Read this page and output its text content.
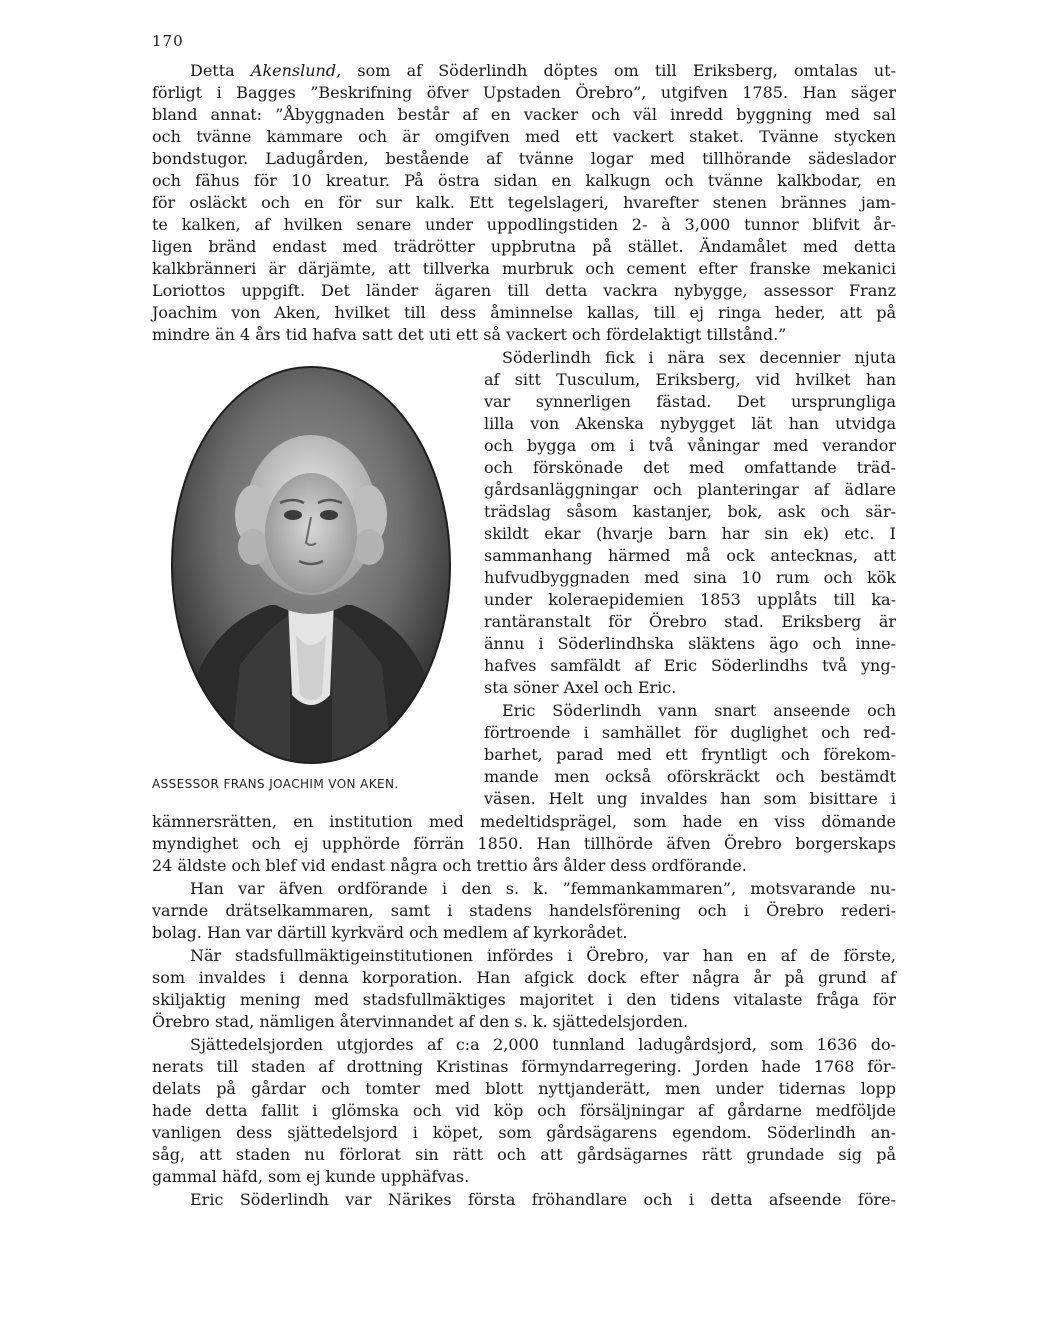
170
Detta Akenslund, som af Söderlindh döptes om till Eriksberg, omtalas ut-
förligt i Bagges ”Beskrifning öfver Upstaden Örebro”, utgifven 1785. Han säger
bland annat: ”Åbyggnaden består af en vacker och väl inredd byggning med sal
och tvänne kammare och är omgifven med ett vackert staket. Tvänne stycken
bondstugor. Ladugården, bestående af tvänne logar med tillhörande sädeslador
och fähus för 10 kreatur. På östra sidan en kalkugn och tvänne kalkbodar, en
för osläckt och en för sur kalk. Ett tegelslageri, hvarefter stenen brännes jam-
te kalken, af hvilken senare under uppodlingstiden 2- à 3,000 tunnor blifvit år-
ligen bränd endast med trädrötter uppbrutna på stället. Ändamålet med detta
kalkbränneri är därjämte, att tillverka murbruk och cement efter franske mekanici
Loriottos uppgift. Det länder ägaren till detta vackra nybygge, assessor Franz
Joachim von Aken, hvilket till dess åminnelse kallas, till ej ringa heder, att på
mindre än 4 års tid hafva satt det uti ett så vackert och fördelaktigt tillstånd.”
Söderlindh fick i nära sex decennier njuta
af sitt Tusculum, Eriksberg, vid hvilket han
var synnerligen fästad. Det ursprungliga
lilla von Akenska nybygget lät han utvidga
och bygga om i två våningar med verandor
och förskönade det med omfattande träd-
gårdsanläggningar och planteringar af ädlare
trädslag såsom kastanjer, bok, ask och sär-
skildt ekar (hvarje barn har sin ek) etc. I
sammanhang härmed må ock antecknas, att
hufvudbyggnaden med sina 10 rum och kök
under koleraepidemien 1853 upplåts till ka-
rantäranstalt för Örebro stad. Eriksberg är
ännu i Söderlindhska släktens ägo och inne-
hafves samfäldt af Eric Söderlindhs två yng-
sta söner Axel och Eric.
Eric Söderlindh vann snart anseende och
förtroende i samhället för duglighet och red-
barhet, parad med ett fryntligt och förekom-
mande men också oförskräckt och bestämdt
väsen. Helt ung invaldes han som bisittare i
kämnersrätten, en institution med medeltidsprägel, som hade en viss dömande
myndighet och ej upphörde förrän 1850. Han tillhörde äfven Örebro borgerskaps
24 äldste och blef vid endast några och trettio års ålder dess ordförande.
Han var äfven ordförande i den s. k. ”femmankammaren”, motsvarande nu-
varnde drätselkammaren, samt i stadens handelsförening och i Örebro rederi-
bolag. Han var därtill kyrkvärd och medlem af kyrkorådet.
När stadsfullmäktigeinstitutionen infördes i Örebro, var han en af de förste,
som invaldes i denna korporation. Han afgick dock efter några år på grund af
skiljaktig mening med stadsfullmäktiges majoritet i den tidens vitalaste fråga för
Örebro stad, nämligen återvinnandet af den s. k. sjättedelsjorden.
Sjättedelsjorden utgjordes af c:a 2,000 tunnland ladugårdsjord, som 1636 do-
nerats till staden af drottning Kristinas förmyndarregering. Jorden hade 1768 för-
delats på gårdar och tomter med blott nyttjanderätt, men under tidernas lopp
hade detta fallit i glömska och vid köp och försäljningar af gårdarne medföljde
vanligen dess sjättedelsjord i köpet, som gårdsägarens egendom. Söderlindh an-
såg, att staden nu förlorat sin rätt och att gårdsägarnes rätt grundade sig på
gammal häfd, som ej kunde upphäfvas.
Eric Söderlindh var Närikes första fröhandlare och i detta afseende före-
ASSESSOR FRANS JOACHIM VON AKEN.
